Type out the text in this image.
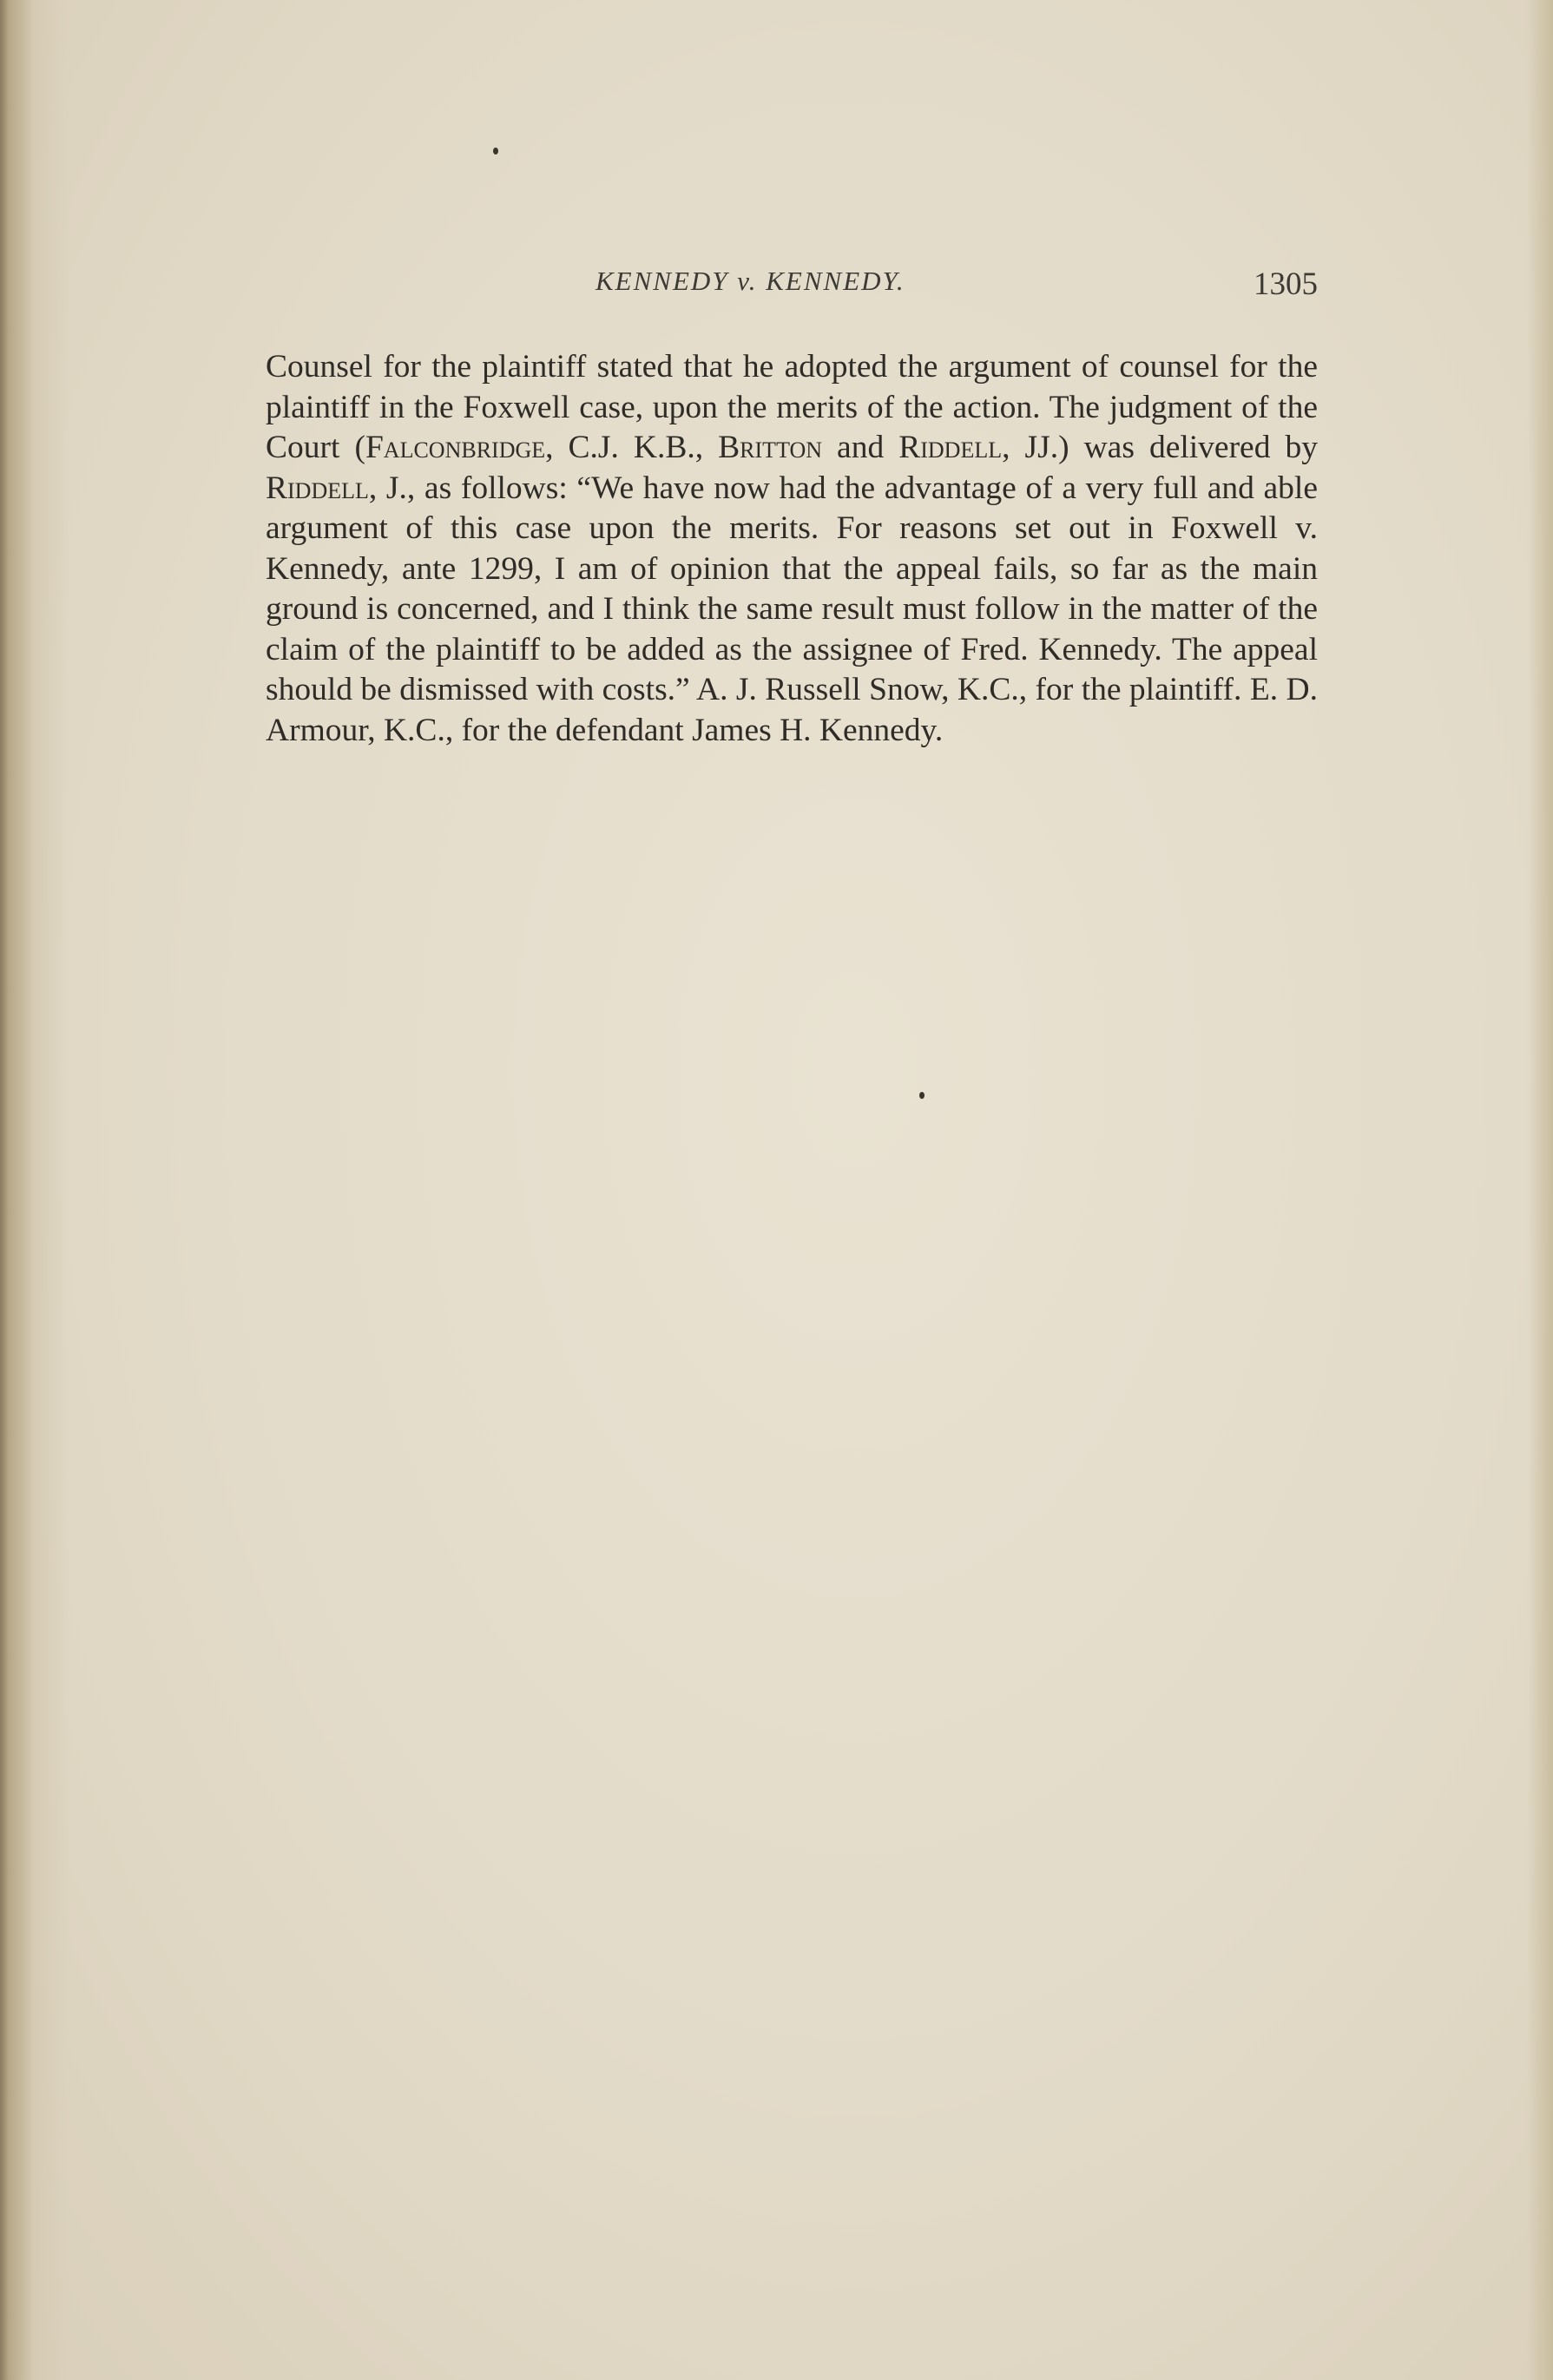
KENNEDY v. KENNEDY.	1305

Counsel for the plaintiff stated that he adopted the argument of counsel for the plaintiff in the Foxwell case, upon the merits of the action. The judgment of the Court (Falconbridge, C.J. K.B., Britton and Riddell, JJ.) was delivered by Riddell, J., as follows: “We have now had the advantage of a very full and able argument of this case upon the merits. For reasons set out in Foxwell v. Kennedy, ante 1299, I am of opinion that the appeal fails, so far as the main ground is concerned, and I think the same result must follow in the matter of the claim of the plaintiff to be added as the assignee of Fred. Kennedy. The appeal should be dismissed with costs.” A. J. Russell Snow, K.C., for the plaintiff. E. D. Armour, K.C., for the defendant James H. Kennedy.
